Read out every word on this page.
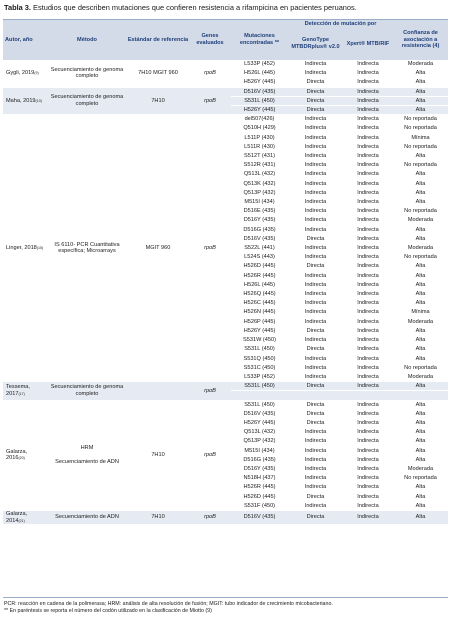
Tabla 3. Estudios que describen mutaciones que confieren resistencia a rifampicina en pacientes peruanos.
Autor, año	Método	Estándar de referencia	Genes evaluados	Mutaciones encontradas **	Detección de mutación por		Confianza de asociación a resistencia (4)
					GenoType MTBDRplus® v2.0	Xpert® MTB/RIF	
Gygli, 2019$^{(9)}$	Secuenciamiento de genoma completo	7H10 MGIT 960	rpoB	L533P (452)	Indirecta	Indirecta	Moderada
				H526L (445)	Indirecta	Indirecta	Alta
				H526Y (445)	Directa	Indirecta	Alta
Maha, 2019$^{(10)}$	Secuenciamiento de genoma completo	7H10	rpoB	D516V (435)	Directa	Indirecta	Alta
				S531L (450)	Directa	Indirecta	Alta
				H526Y (445)	Directa	Indirecta	Alta
Linger, 2018$^{(15)}$	IS 6110- PCR Cuantitativa específica; Microarrays	MGIT 960	rpoB	del507(426)	Indirecta	Indirecta	No reportada
				Q510H (429)	Indirecta	Indirecta	No reportada
				L511P (430)	Indirecta	Indirecta	Mínima
				L511R (430)	Indirecta	Indirecta	No reportada
				S512T (431)	Indirecta	Indirecta	Alta
				S512R (431)	Indirecta	Indirecta	No reportada
				Q513L (432)	Indirecta	Indirecta	Alta
				Q513K (432)	Indirecta	Indirecta	Alta
				Q513P (432)	Indirecta	Indirecta	Alta
				M515I (434)	Indirecta	Indirecta	Alta
				D516E (435)	Indirecta	Indirecta	No reportada
				D516Y (435)	Indirecta	Indirecta	Moderada
				D516G (435)	Indirecta	Indirecta	Alta
				D516V (435)	Directa	Indirecta	Alta
				S522L (441)	Indirecta	Indirecta	Moderada
				L524S (443)	Indirecta	Indirecta	No reportada
				H526D (445)	Directa	Indirecta	Alta
				H526R (445)	Indirecta	Indirecta	Alta
				H526L (445)	Indirecta	Indirecta	Alta
				H526Q (445)	Indirecta	Indirecta	Alta
				H526C (445)	Indirecta	Indirecta	Alta
				H526N (445)	Indirecta	Indirecta	Mínima
				H526P (445)	Indirecta	Indirecta	Moderada
				H526Y (445)	Directa	Indirecta	Alta
				S531W (450)	Indirecta	Indirecta	Alta
				S531L (450)	Directa	Indirecta	Alta
				S531Q (450)	Indirecta	Indirecta	Alta
				S531C (450)	Indirecta	Indirecta	No reportada
				L533P (452)	Indirecta	Indirecta	Moderada
Tessema, 2017$^{(17)}$	Secuenciamiento de genoma completo		rpoB	S531L (450)	Directa	Indirecta	Alta

Galarza, 2016$^{(20)}$	HRM
Secuenciamiento de ADN	7H10	rpoB	S531L (450)	Directa	Indirecta	Alta
				D516V (435)	Directa	Indirecta	Alta
				H526Y (445)	Directa	Indirecta	Alta
				Q513L (432)	Indirecta	Indirecta	Alta
				Q513P (432)	Indirecta	Indirecta	Alta
				M515I (434)	Indirecta	Indirecta	Alta
				D516G (435)	Indirecta	Indirecta	Alta
				D516Y (435)	Indirecta	Indirecta	Moderada
				N518H (437)	Indirecta	Indirecta	No reportada
				H526R (445)	Indirecta	Indirecta	Alta
				H526D (445)	Directa	Indirecta	Alta
				S531F (450)	Indirecta	Indirecta	Alta
Galarza, 2014$^{(21)}$	Secuenciamiento de ADN	7H10	rpoB	D516V (435)	Directa	Indirecta	Alta
PCR: reacción en cadena de la polimerasa; HRM: análisis de alta resolución de fusión; MGIT: tubo indicador de crecimiento micobacteriano.
** En paréntesis se reporta el número del codón utilizado en la clasificación de Miotto (9)
